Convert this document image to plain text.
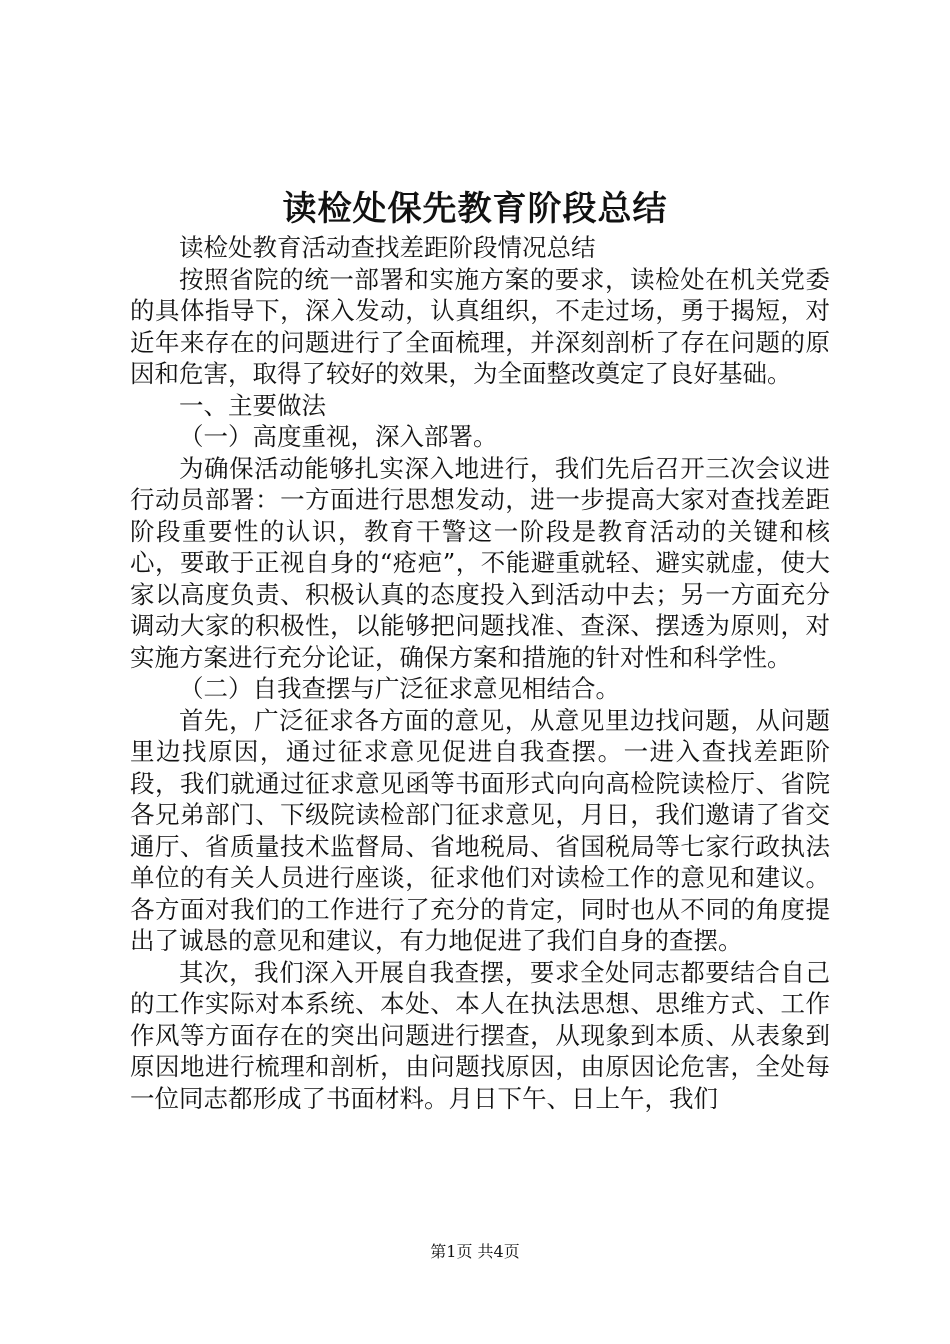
读检处保先教育阶段总结

读检处教育活动查找差距阶段情况总结

按照省院的统一部署和实施方案的要求，读检处在机关党委的具体指导下，深入发动，认真组织，不走过场，勇于揭短，对近年来存在的问题进行了全面梳理，并深刻剖析了存在问题的原因和危害，取得了较好的效果，为全面整改奠定了良好基础。

一、主要做法

（一）高度重视，深入部署。

为确保活动能够扎实深入地进行，我们先后召开三次会议进行动员部署：一方面进行思想发动，进一步提高大家对查找差距阶段重要性的认识，教育干警这一阶段是教育活动的关键和核心，要敢于正视自身的“疮疤”，不能避重就轻、避实就虚，使大家以高度负责、积极认真的态度投入到活动中去；另一方面充分调动大家的积极性，以能够把问题找准、查深、摆透为原则，对实施方案进行充分论证，确保方案和措施的针对性和科学性。

（二）自我查摆与广泛征求意见相结合。

首先，广泛征求各方面的意见，从意见里边找问题，从问题里边找原因，通过征求意见促进自我查摆。一进入查找差距阶段，我们就通过征求意见函等书面形式向向高检院读检厅、省院各兄弟部门、下级院读检部门征求意见，月日，我们邀请了省交通厅、省质量技术监督局、省地税局、省国税局等七家行政执法单位的有关人员进行座谈，征求他们对读检工作的意见和建议。各方面对我们的工作进行了充分的肯定，同时也从不同的角度提出了诚恳的意见和建议，有力地促进了我们自身的查摆。

其次，我们深入开展自我查摆，要求全处同志都要结合自己的工作实际对本系统、本处、本人在执法思想、思维方式、工作作风等方面存在的突出问题进行摆查，从现象到本质、从表象到原因地进行梳理和剖析，由问题找原因，由原因论危害，全处每一位同志都形成了书面材料。月日下午、日上午，我们

第1页 共4页
